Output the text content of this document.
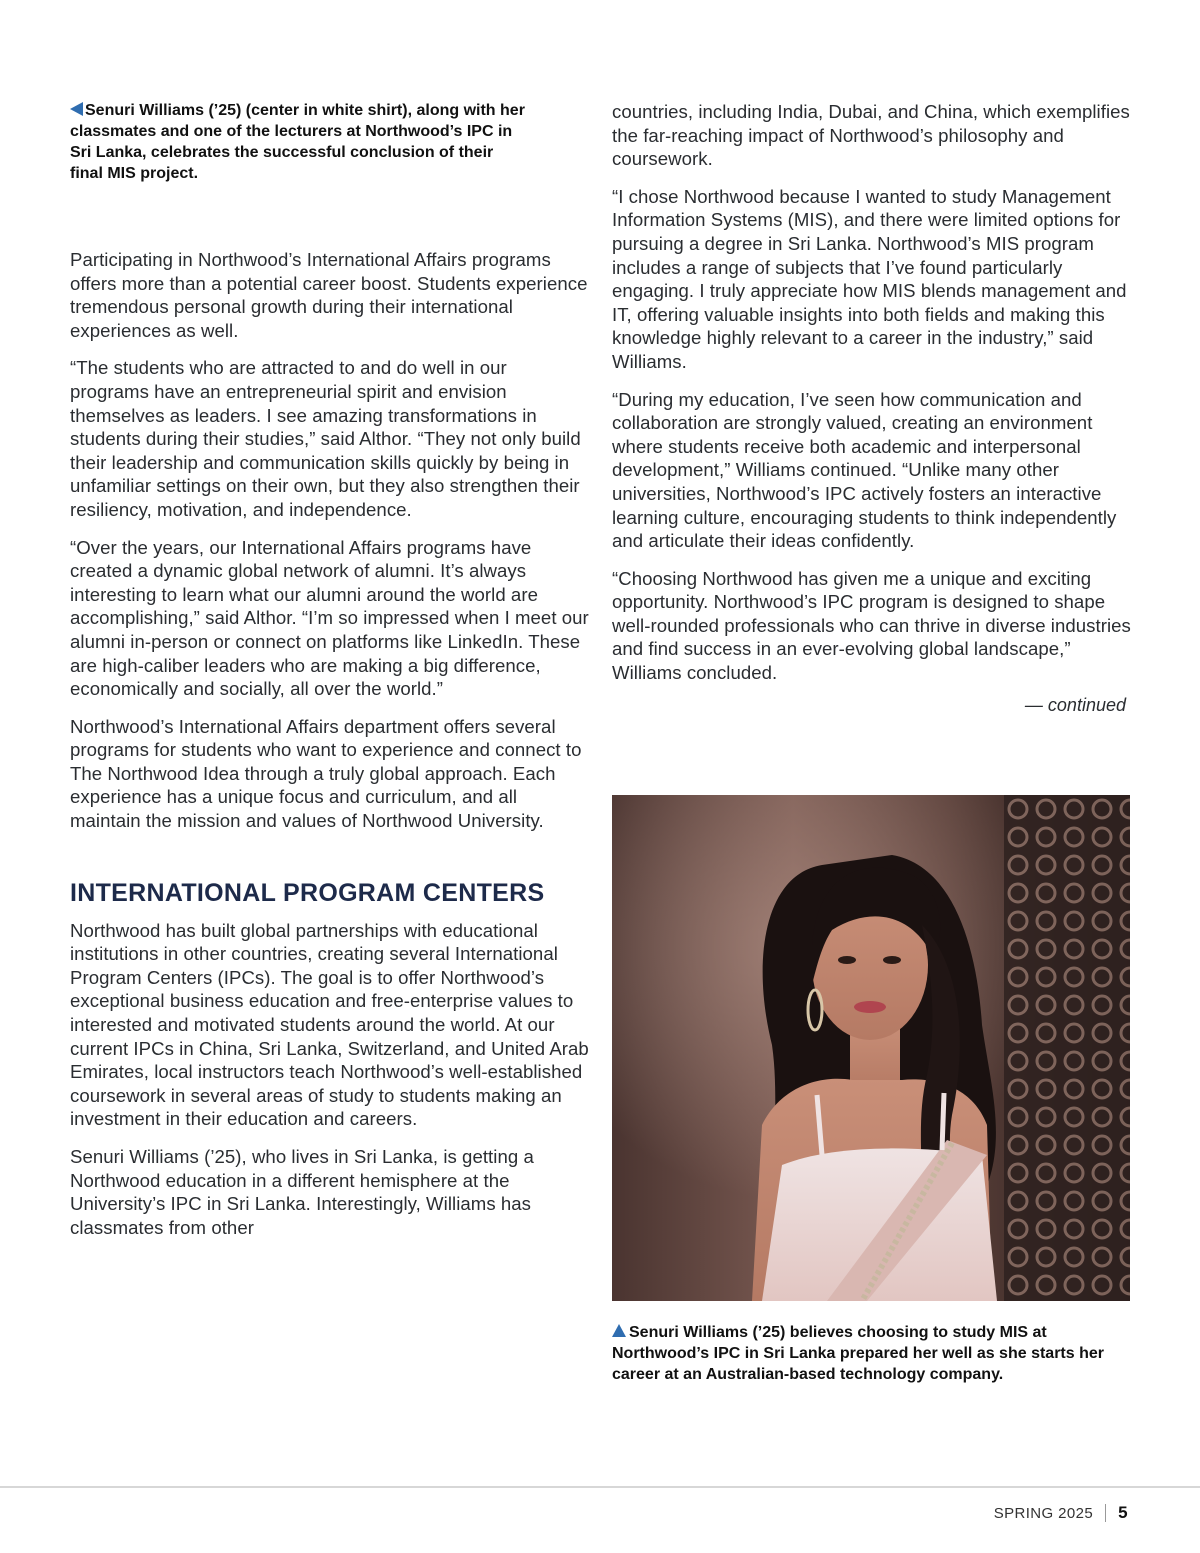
Senuri Williams (’25) (center in white shirt), along with her classmates and one of the lecturers at Northwood’s IPC in Sri Lanka, celebrates the successful conclusion of their final MIS project.

Participating in Northwood’s International Affairs programs offers more than a potential career boost. Students experience tremendous personal growth during their international experiences as well.

“The students who are attracted to and do well in our programs have an entrepreneurial spirit and envision themselves as leaders. I see amazing transformations in students during their studies,” said Althor. “They not only build their leadership and communication skills quickly by being in unfamiliar settings on their own, but they also strengthen their resiliency, motivation, and independence.

“Over the years, our International Affairs programs have created a dynamic global network of alumni. It’s always interesting to learn what our alumni around the world are accomplishing,” said Althor. “I’m so impressed when I meet our alumni in-person or connect on platforms like LinkedIn. These are high-caliber leaders who are making a big difference, economically and socially, all over the world.”

Northwood’s International Affairs department offers several programs for students who want to experience and connect to The Northwood Idea through a truly global approach. Each experience has a unique focus and curriculum, and all maintain the mission and values of Northwood University.

INTERNATIONAL PROGRAM CENTERS

Northwood has built global partnerships with educational institutions in other countries, creating several International Program Centers (IPCs). The goal is to offer Northwood’s exceptional business education and free-enterprise values to interested and motivated students around the world. At our current IPCs in China, Sri Lanka, Switzerland, and United Arab Emirates, local instructors teach Northwood’s well-established coursework in several areas of study to students making an investment in their education and careers.

Senuri Williams (’25), who lives in Sri Lanka, is getting a Northwood education in a different hemisphere at the University’s IPC in Sri Lanka. Interestingly, Williams has classmates from other

countries, including India, Dubai, and China, which exemplifies the far-reaching impact of Northwood’s philosophy and coursework.

“I chose Northwood because I wanted to study Management Information Systems (MIS), and there were limited options for pursuing a degree in Sri Lanka. Northwood’s MIS program includes a range of subjects that I’ve found particularly engaging. I truly appreciate how MIS blends management and IT, offering valuable insights into both fields and making this knowledge highly relevant to a career in the industry,” said Williams.

“During my education, I’ve seen how communication and collaboration are strongly valued, creating an environment where students receive both academic and interpersonal development,” Williams continued. “Unlike many other universities, Northwood’s IPC actively fosters an interactive learning culture, encouraging students to think independently and articulate their ideas confidently.

“Choosing Northwood has given me a unique and exciting opportunity. Northwood’s IPC program is designed to shape well-rounded professionals who can thrive in diverse industries and find success in an ever-evolving global landscape,” Williams concluded.

— continued

Senuri Williams (’25) believes choosing to study MIS at Northwood’s IPC in Sri Lanka prepared her well as she starts her career at an Australian-based technology company.

SPRING 2025 5
